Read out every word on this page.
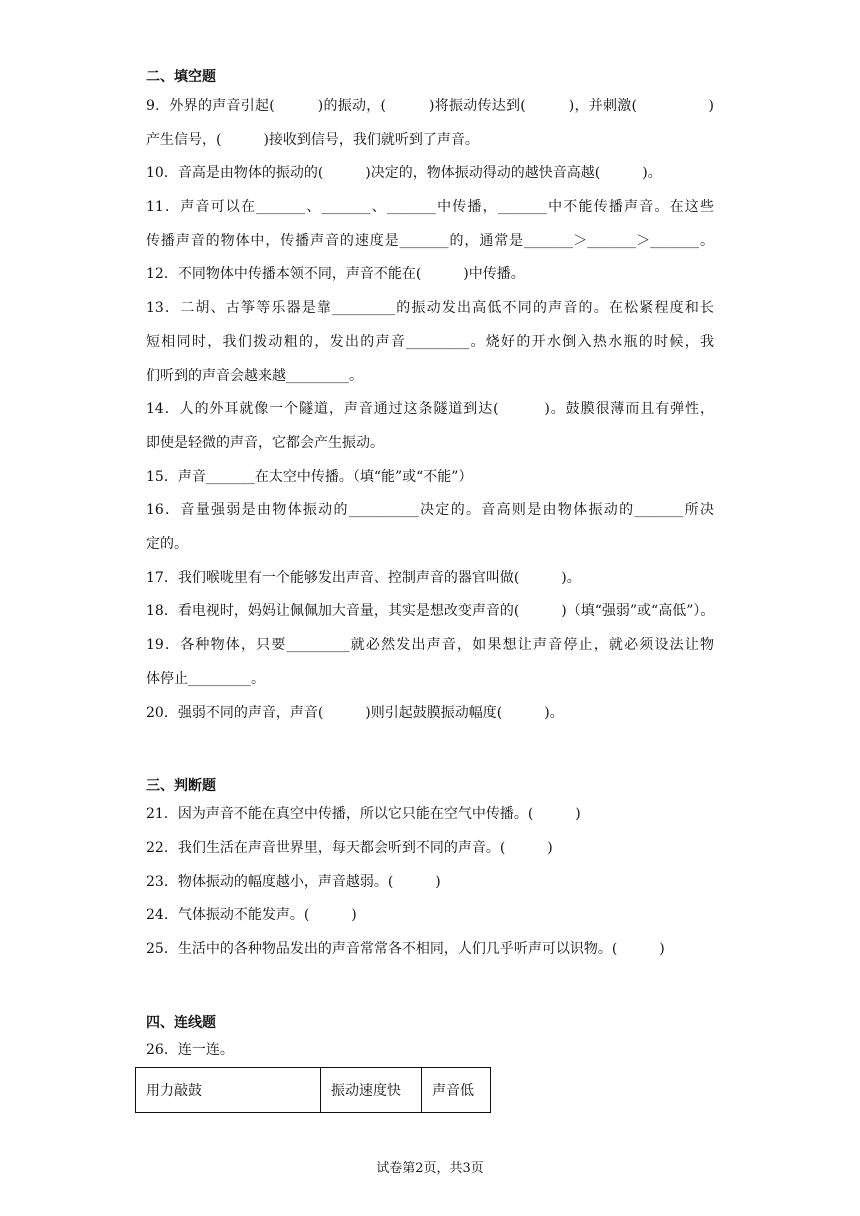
二、填空题
9．外界的声音引起(　　　)的振动，(　　　)将振动传达到(　　　)，并刺激(　　　　　)
产生信号，(　　　)接收到信号，我们就听到了声音。
10．音高是由物体的振动的(　　　)决定的，物体振动得动的越快音高越(　　　)。
11．声音可以在_______、_______、_______中传播，_______中不能传播声音。在这些
传播声音的物体中，传播声音的速度是_______的，通常是_______＞_______＞_______。
12．不同物体中传播本领不同，声音不能在(　　　)中传播。
13．二胡、古筝等乐器是靠_________的振动发出高低不同的声音的。在松紧程度和长
短相同时，我们拨动粗的，发出的声音_________。烧好的开水倒入热水瓶的时候，我
们听到的声音会越来越_________。
14．人的外耳就像一个隧道，声音通过这条隧道到达(　　　)。鼓膜很薄而且有弹性，
即使是轻微的声音，它都会产生振动。
15．声音_______在太空中传播。（填“能”或“不能”）
16．音量强弱是由物体振动的__________决定的。音高则是由物体振动的_______所决
定的。
17．我们喉咙里有一个能够发出声音、控制声音的器官叫做(　　　)。
18．看电视时，妈妈让佩佩加大音量，其实是想改变声音的(　　　)（填“强弱”或“高低”）。
19．各种物体，只要_________就必然发出声音，如果想让声音停止，就必须设法让物
体停止_________。
20．强弱不同的声音，声音(　　　)则引起鼓膜振动幅度(　　　)。
三、判断题
21．因为声音不能在真空中传播，所以它只能在空气中传播。(　　　)
22．我们生活在声音世界里，每天都会听到不同的声音。(　　　)
23．物体振动的幅度越小，声音越弱。(　　　)
24．气体振动不能发声。(　　　)
25．生活中的各种物品发出的声音常常各不相同，人们几乎听声可以识物。(　　　)
四、连线题
26．连一连。
用力敲鼓	振动速度快	声音低
试卷第2页，共3页
